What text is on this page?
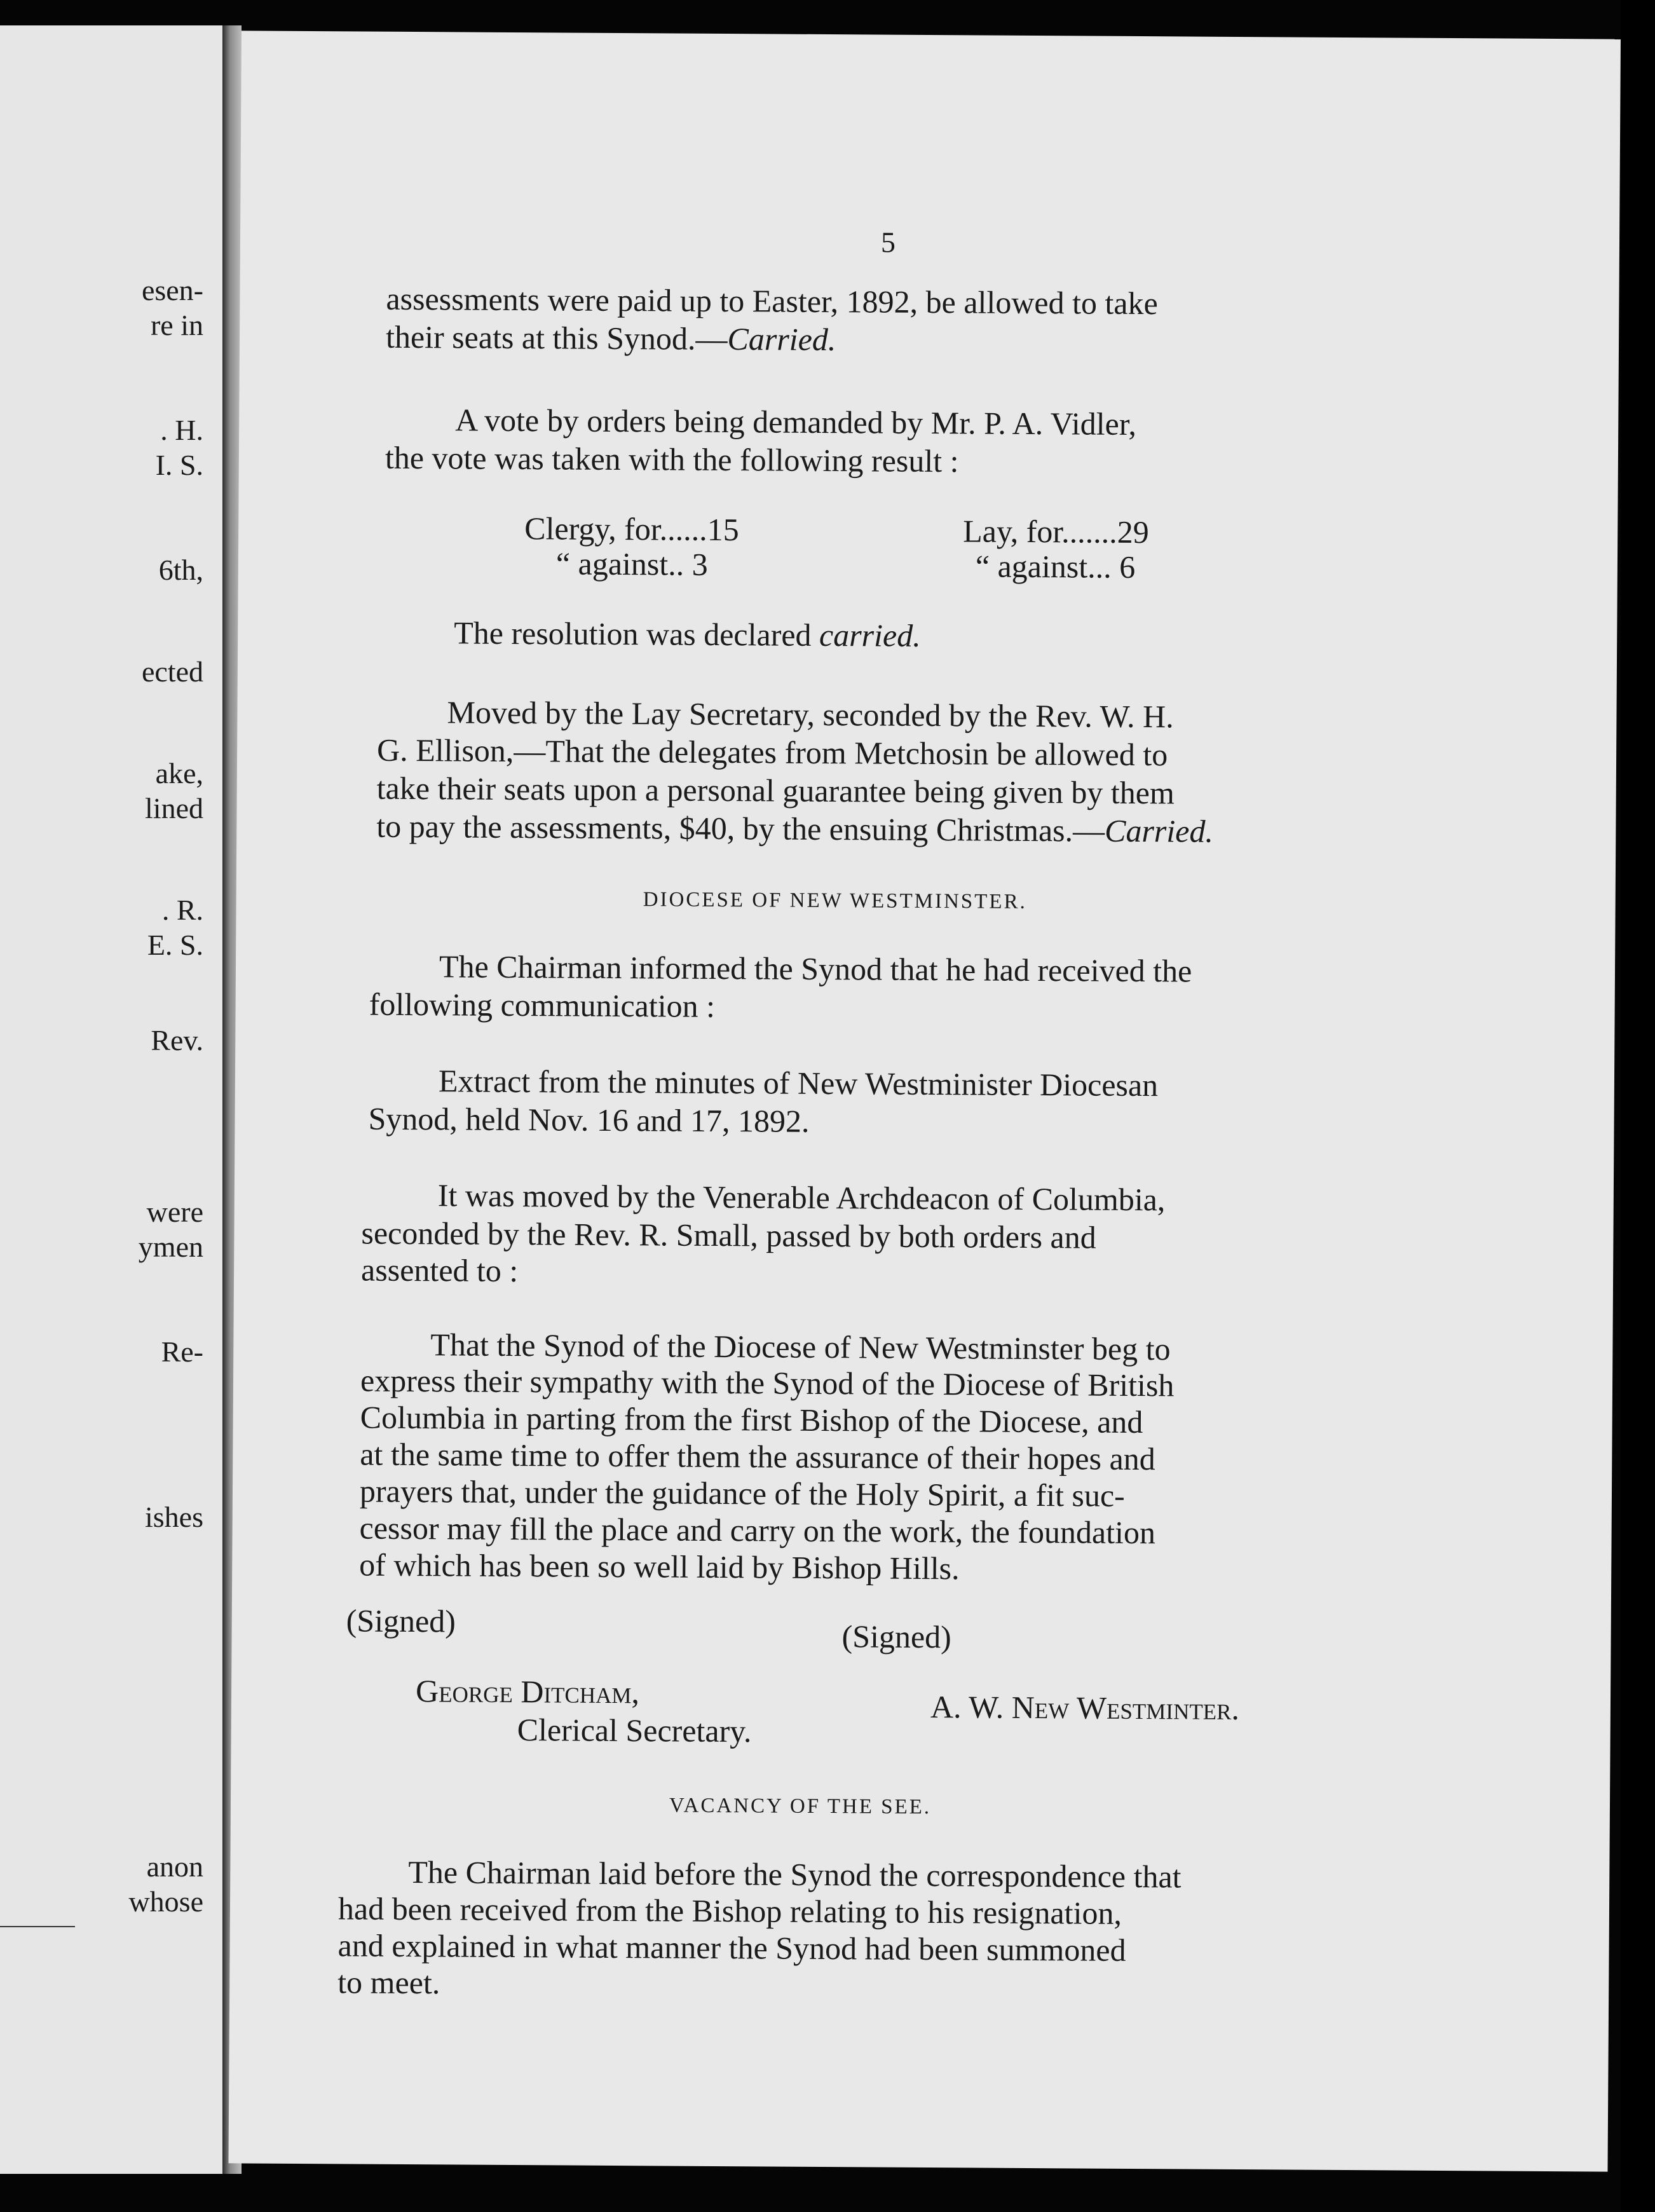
esen-
re in
. H.
I. S.
6th,
ected
ake,
lined
. R.
E. S.
Rev.
were
ymen
Re-
ishes
anon
whose
5
assessments were paid up to Easter, 1892, be allowed to take
their seats at this Synod.—Carried.
A vote by orders being demanded by Mr. P. A. Vidler,
the vote was taken with the following result :
Clergy, for......15	Lay, for.......29
“ against.. 3	“ against... 6
The resolution was declared carried.
Moved by the Lay Secretary, seconded by the Rev. W. H.
G. Ellison,—That the delegates from Metchosin be allowed to
take their seats upon a personal guarantee being given by them
to pay the assessments, $40, by the ensuing Christmas.—Carried.
DIOCESE OF NEW WESTMINSTER.
The Chairman informed the Synod that he had received the
following communication :
Extract from the minutes of New Westminister Diocesan
Synod, held Nov. 16 and 17, 1892.
It was moved by the Venerable Archdeacon of Columbia,
seconded by the Rev. R. Small, passed by both orders and
assented to :
That the Synod of the Diocese of New Westminster beg to
express their sympathy with the Synod of the Diocese of British
Columbia in parting from the first Bishop of the Diocese, and
at the same time to offer them the assurance of their hopes and
prayers that, under the guidance of the Holy Spirit, a fit suc-
cessor may fill the place and carry on the work, the foundation
of which has been so well laid by Bishop Hills.
(Signed)	(Signed)
George Ditcham,
Clerical Secretary.
A. W. New Westminter.
VACANCY OF THE SEE.
The Chairman laid before the Synod the correspondence that
had been received from the Bishop relating to his resignation,
and explained in what manner the Synod had been summoned
to meet.
